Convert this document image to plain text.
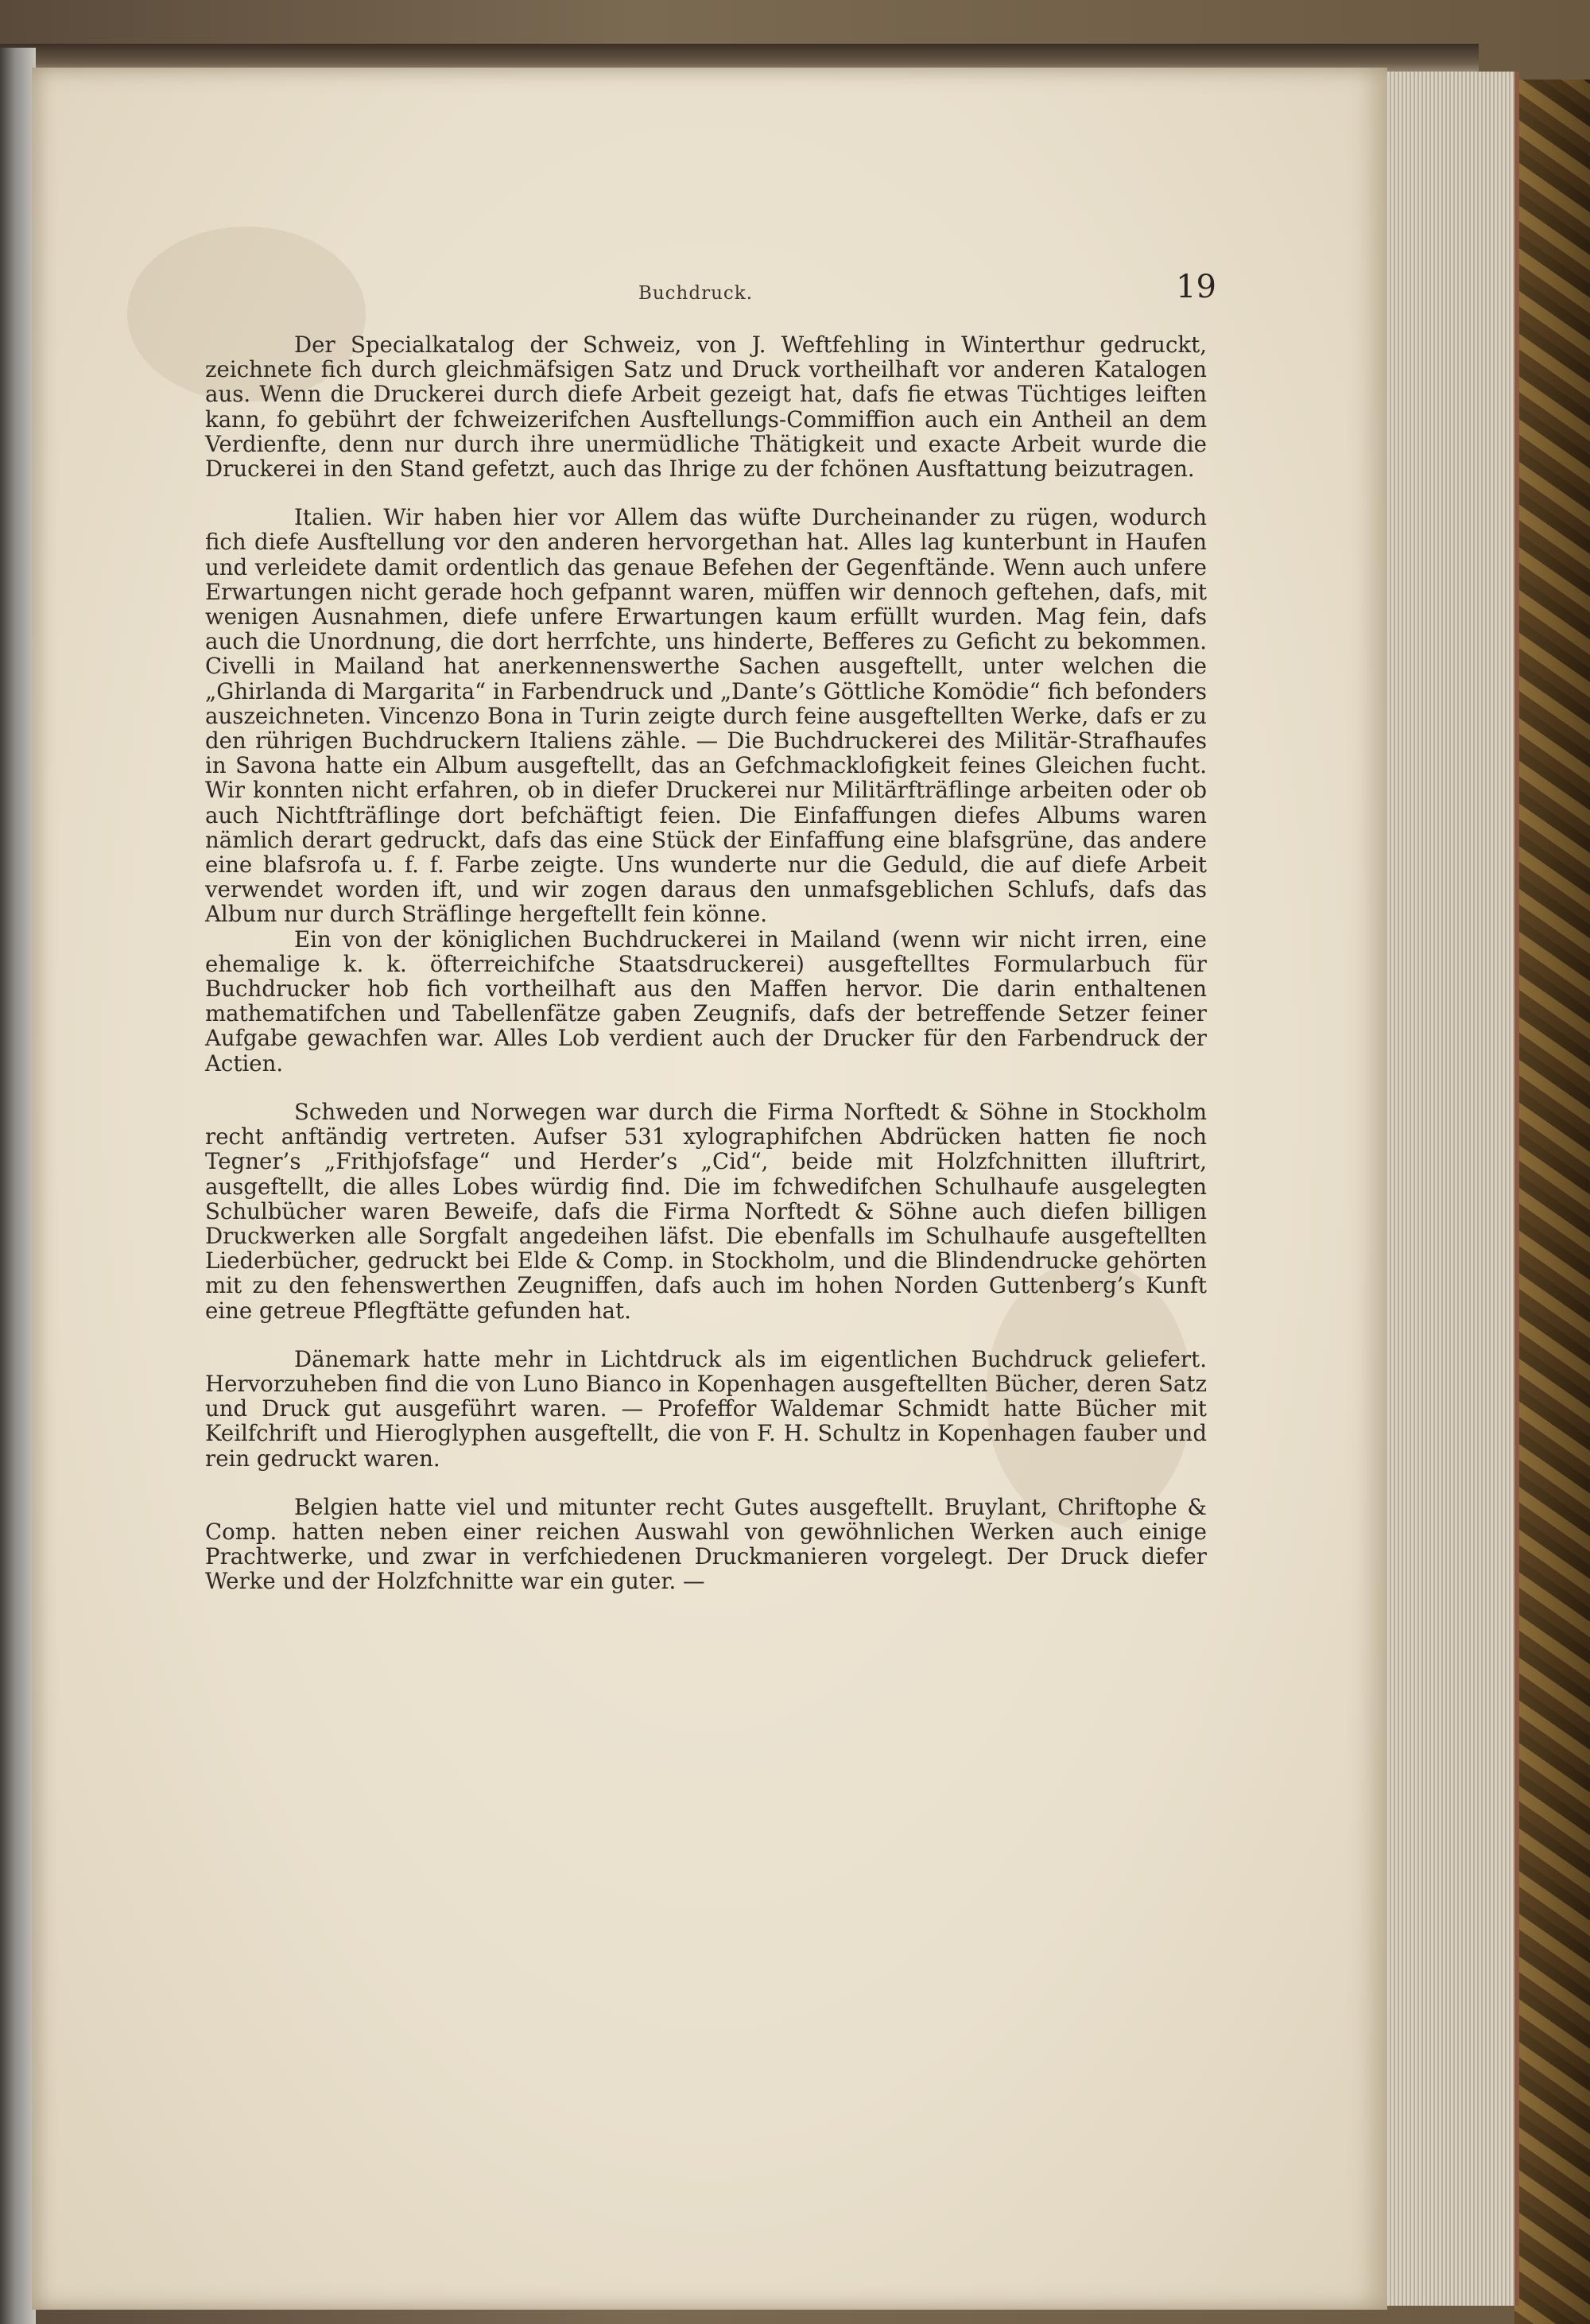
Buchdruck.	19

Der Specialkatalog der Schweiz, von J. Weftfehling in Winterthur gedruckt, zeichnete fich durch gleichmäfsigen Satz und Druck vortheilhaft vor anderen Katalogen aus. Wenn die Druckerei durch diefe Arbeit gezeigt hat, dafs fie etwas Tüchtiges leiften kann, fo gebührt der fchweizerifchen Ausftellungs-Commiffion auch ein Antheil an dem Verdienfte, denn nur durch ihre unermüdliche Thätigkeit und exacte Arbeit wurde die Druckerei in den Stand gefetzt, auch das Ihrige zu der fchönen Ausftattung beizutragen.

Italien. Wir haben hier vor Allem das wüfte Durcheinander zu rügen, wodurch fich diefe Ausftellung vor den anderen hervorgethan hat. Alles lag kunterbunt in Haufen und verleidete damit ordentlich das genaue Befehen der Gegenftände. Wenn auch unfere Erwartungen nicht gerade hoch gefpannt waren, müffen wir dennoch geftehen, dafs, mit wenigen Ausnahmen, diefe unfere Erwartungen kaum erfüllt wurden. Mag fein, dafs auch die Unordnung, die dort herrfchte, uns hinderte, Befferes zu Geficht zu bekommen. Civelli in Mailand hat anerkennenswerthe Sachen ausgeftellt, unter welchen die „Ghirlanda di Margarita“ in Farbendruck und „Dante’s Göttliche Komödie“ fich befonders auszeichneten. Vincenzo Bona in Turin zeigte durch feine ausgeftellten Werke, dafs er zu den rührigen Buchdruckern Italiens zähle. — Die Buchdruckerei des Militär-Strafhaufes in Savona hatte ein Album ausgeftellt, das an Gefchmacklofigkeit feines Gleichen fucht. Wir konnten nicht erfahren, ob in diefer Druckerei nur Militärfträflinge arbeiten oder ob auch Nichtfträflinge dort befchäftigt feien. Die Einfaffungen diefes Albums waren nämlich derart gedruckt, dafs das eine Stück der Einfaffung eine blafsgrüne, das andere eine blafsrofa u. f. f. Farbe zeigte. Uns wunderte nur die Geduld, die auf diefe Arbeit verwendet worden ift, und wir zogen daraus den unmafsgeblichen Schlufs, dafs das Album nur durch Sträflinge hergeftellt fein könne.

Ein von der königlichen Buchdruckerei in Mailand (wenn wir nicht irren, eine ehemalige k. k. öfterreichifche Staatsdruckerei) ausgeftelltes Formularbuch für Buchdrucker hob fich vortheilhaft aus den Maffen hervor. Die darin enthaltenen mathematifchen und Tabellenfätze gaben Zeugnifs, dafs der betreffende Setzer feiner Aufgabe gewachfen war. Alles Lob verdient auch der Drucker für den Farbendruck der Actien.

Schweden und Norwegen war durch die Firma Norftedt & Söhne in Stockholm recht anftändig vertreten. Aufser 531 xylographifchen Abdrücken hatten fie noch Tegner’s „Frithjofsfage“ und Herder’s „Cid“, beide mit Holzfchnitten illuftrirt, ausgeftellt, die alles Lobes würdig find. Die im fchwedifchen Schulhaufe ausgelegten Schulbücher waren Beweife, dafs die Firma Norftedt & Söhne auch diefen billigen Druckwerken alle Sorgfalt angedeihen läfst. Die ebenfalls im Schulhaufe ausgeftellten Liederbücher, gedruckt bei Elde & Comp. in Stockholm, und die Blindendrucke gehörten mit zu den fehenswerthen Zeugniffen, dafs auch im hohen Norden Guttenberg’s Kunft eine getreue Pflegftätte gefunden hat.

Dänemark hatte mehr in Lichtdruck als im eigentlichen Buchdruck geliefert. Hervorzuheben find die von Luno Bianco in Kopenhagen ausgeftellten Bücher, deren Satz und Druck gut ausgeführt waren. — Profeffor Waldemar Schmidt hatte Bücher mit Keilfchrift und Hieroglyphen ausgeftellt, die von F. H. Schultz in Kopenhagen fauber und rein gedruckt waren.

Belgien hatte viel und mitunter recht Gutes ausgeftellt. Bruylant, Chriftophe & Comp. hatten neben einer reichen Auswahl von gewöhnlichen Werken auch einige Prachtwerke, und zwar in verfchiedenen Druckmanieren vorgelegt. Der Druck diefer Werke und der Holzfchnitte war ein guter. —
